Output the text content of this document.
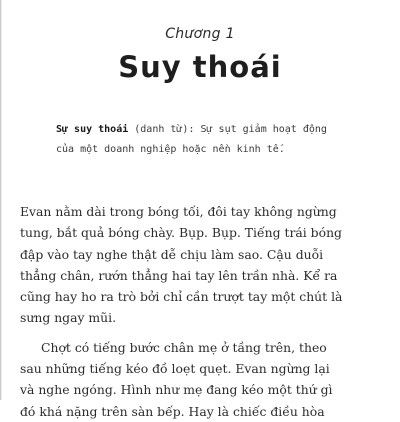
Chương 1
Suy thoái
Sự suy thoái (danh từ): Sự sụt giảm hoạt động
của một doanh nghiệp hoặc nền kinh tế.

Evan nằm dài trong bóng tối, đôi tay không ngừng
tung, bắt quả bóng chày. Bụp. Bụp. Tiếng trái bóng
đập vào tay nghe thật dễ chịu làm sao. Cậu duỗi
thẳng chân, rướn thẳng hai tay lên trần nhà. Kể ra
cũng hay ho ra trò bởi chỉ cần trượt tay một chút là
sưng ngay mũi.

Chợt có tiếng bước chân mẹ ở tầng trên, theo
sau những tiếng kéo đồ loẹt quẹt. Evan ngừng lại
và nghe ngóng. Hình như mẹ đang kéo một thứ gì
đó khá nặng trên sàn bếp. Hay là chiếc điều hòa
